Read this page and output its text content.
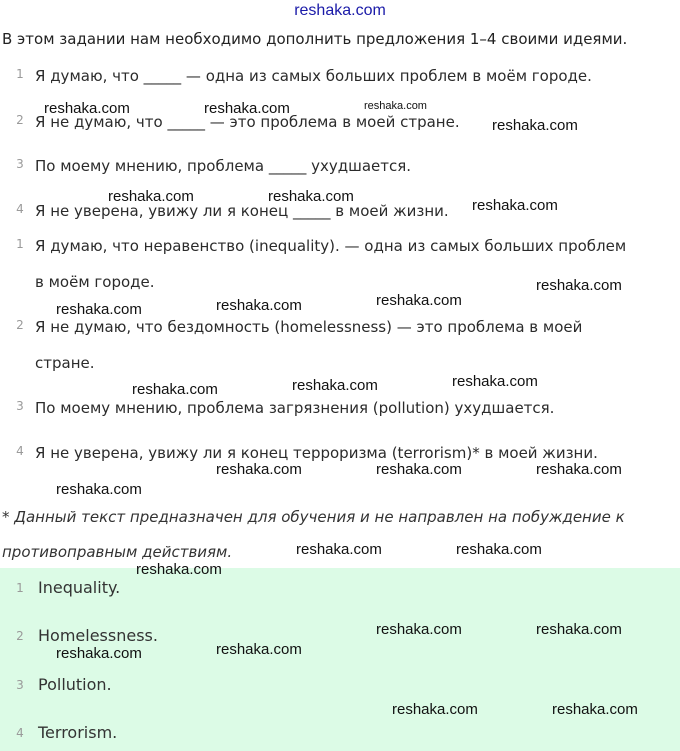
reshaka.com
В этом задании нам необходимо дополнить предложения 1–4 своими идеями.
1 Я думаю, что _____ — одна из самых больших проблем в моём городе.
2 Я не думаю, что _____ — это проблема в моей стране.
3 По моему мнению, проблема _____ ухудшается.
4 Я не уверена, увижу ли я конец _____ в моей жизни.
1 Я думаю, что неравенство (inequality). — одна из самых больших проблем
в моём городе.
2 Я не думаю, что бездомность (homelessness) — это проблема в моей
стране.
3 По моему мнению, проблема загрязнения (pollution) ухудшается.
4 Я не уверена, увижу ли я конец терроризма (terrorism)* в моей жизни.
* Данный текст предназначен для обучения и не направлен на побуждение к
противоправным действиям.
1 Inequality.
2 Homelessness.
3 Pollution.
4 Terrorism.
reshaka.com	reshaka.com	reshaka.com
reshaka.com
reshaka.com	reshaka.com
reshaka.com
reshaka.com
reshaka.com
reshaka.com
reshaka.com
reshaka.com
reshaka.com
reshaka.com
reshaka.com	reshaka.com	reshaka.com
reshaka.com
reshaka.com	reshaka.com
reshaka.com
reshaka.com	reshaka.com
reshaka.com
reshaka.com
reshaka.com	reshaka.com
